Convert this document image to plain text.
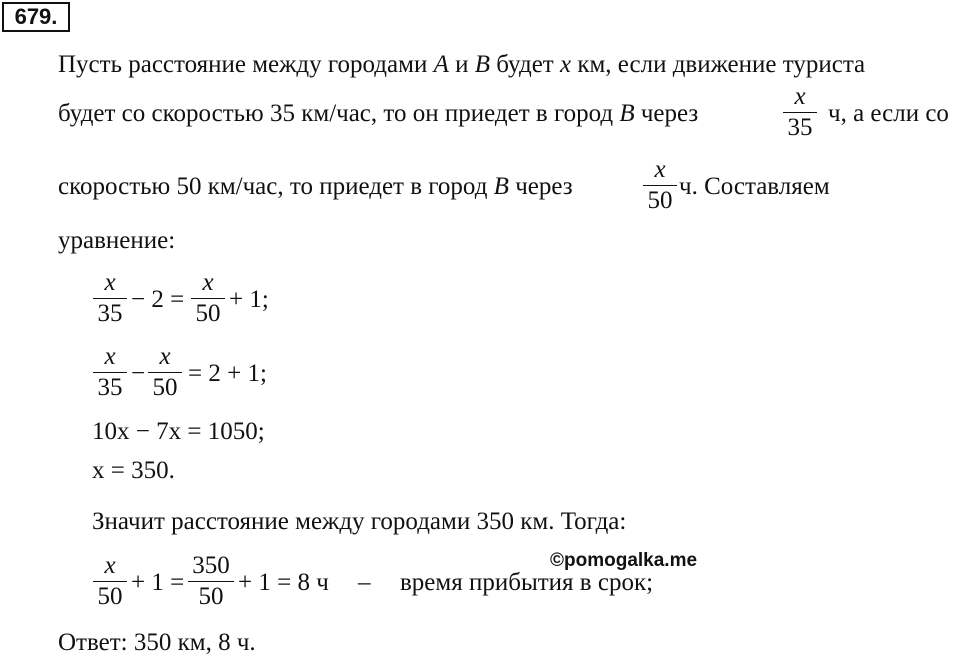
679.
Пусть расстояние между городами A и B будет x км, если движение туриста
будет со скоростью 35 км/час, то он приедет в город B через
x
35
ч, а если со
скоростью 50 км/час, то приедет в город B через
x
50
ч. Составляем
уравнение:
x
35
− 2 =
x
50
+ 1;
x
35
−
x
50
= 2 + 1;
10x − 7x = 1050;
x = 350.
Значит расстояние между городами 350 км. Тогда:
x
50
+ 1 =
350
50
+ 1 = 8 ч – время прибытия в срок;
©pomogalka.me
Ответ: 350 км, 8 ч.
